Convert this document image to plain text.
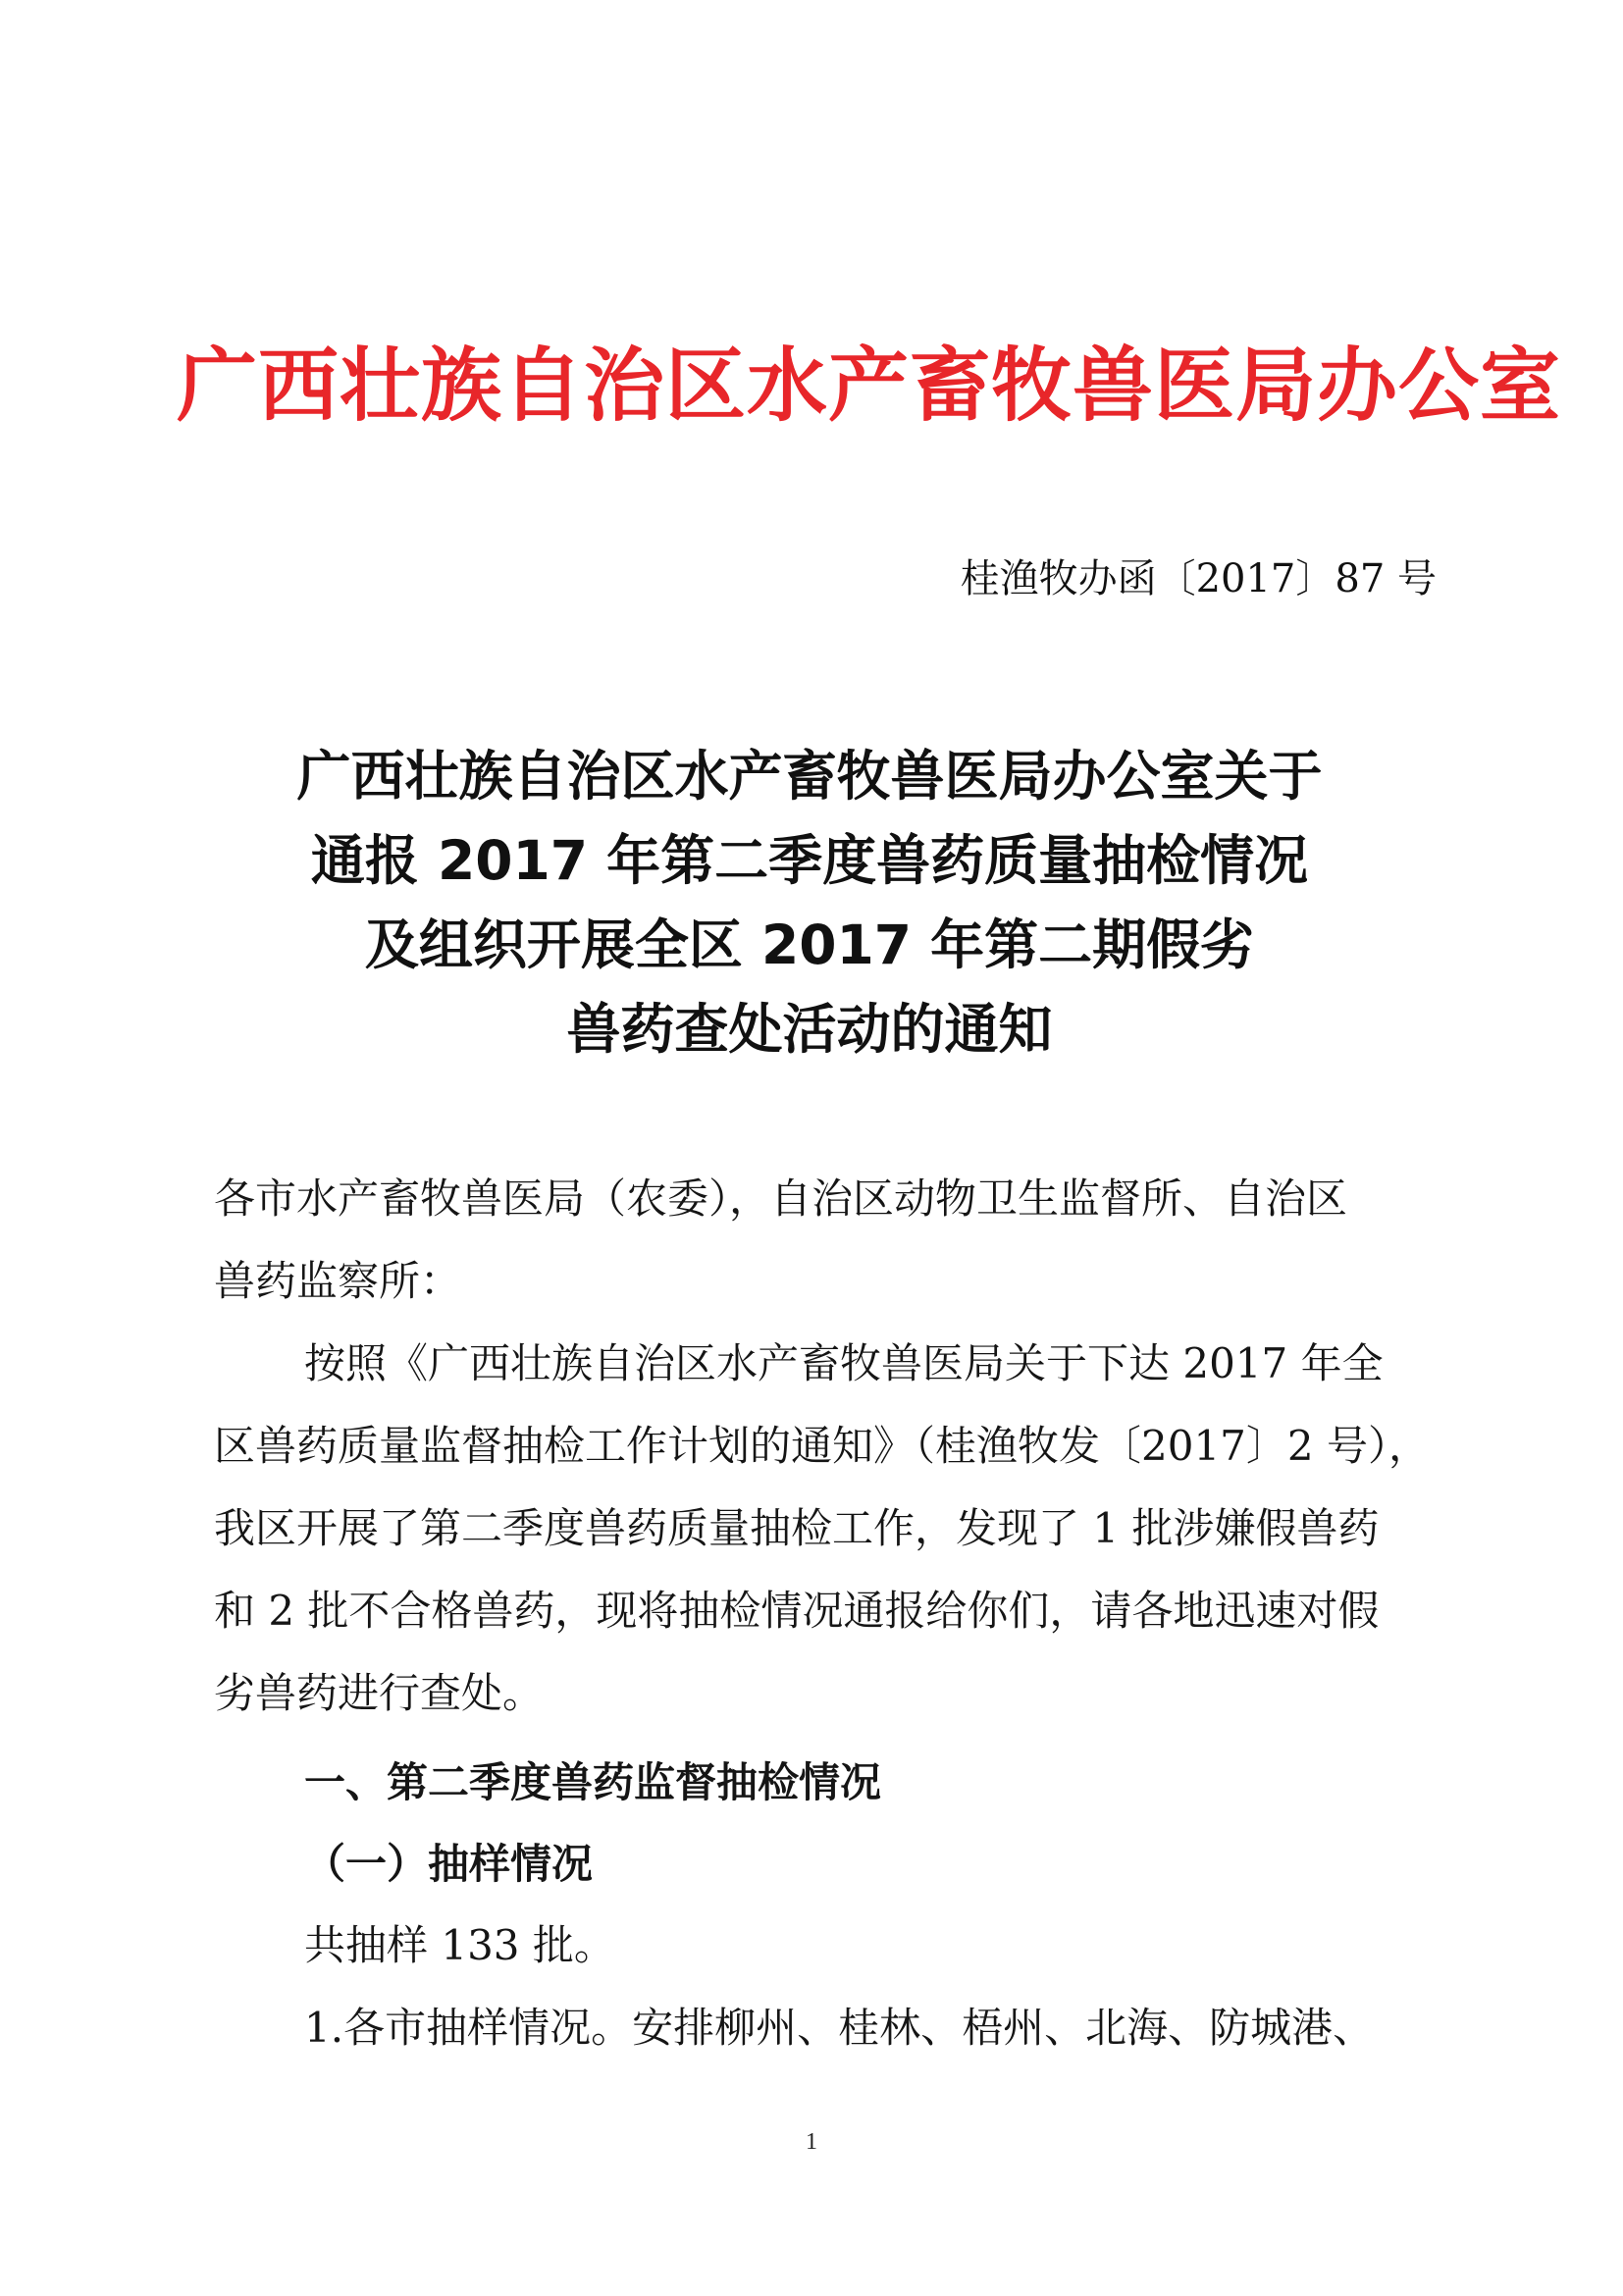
广西壮族自治区水产畜牧兽医局办公室
桂渔牧办函〔2017〕87 号
广西壮族自治区水产畜牧兽医局办公室关于
通报 2017 年第二季度兽药质量抽检情况
及组织开展全区 2017 年第二期假劣
兽药查处活动的通知
各市水产畜牧兽医局（农委），自治区动物卫生监督所、自治区
兽药监察所：
按照《广西壮族自治区水产畜牧兽医局关于下达 2017 年全
区兽药质量监督抽检工作计划的通知》（桂渔牧发〔2017〕2 号），
我区开展了第二季度兽药质量抽检工作，发现了 1 批涉嫌假兽药
和 2 批不合格兽药，现将抽检情况通报给你们，请各地迅速对假
劣兽药进行查处。
一、第二季度兽药监督抽检情况
（一）抽样情况
共抽样 133 批。
1.各市抽样情况。安排柳州、桂林、梧州、北海、防城港、
1
